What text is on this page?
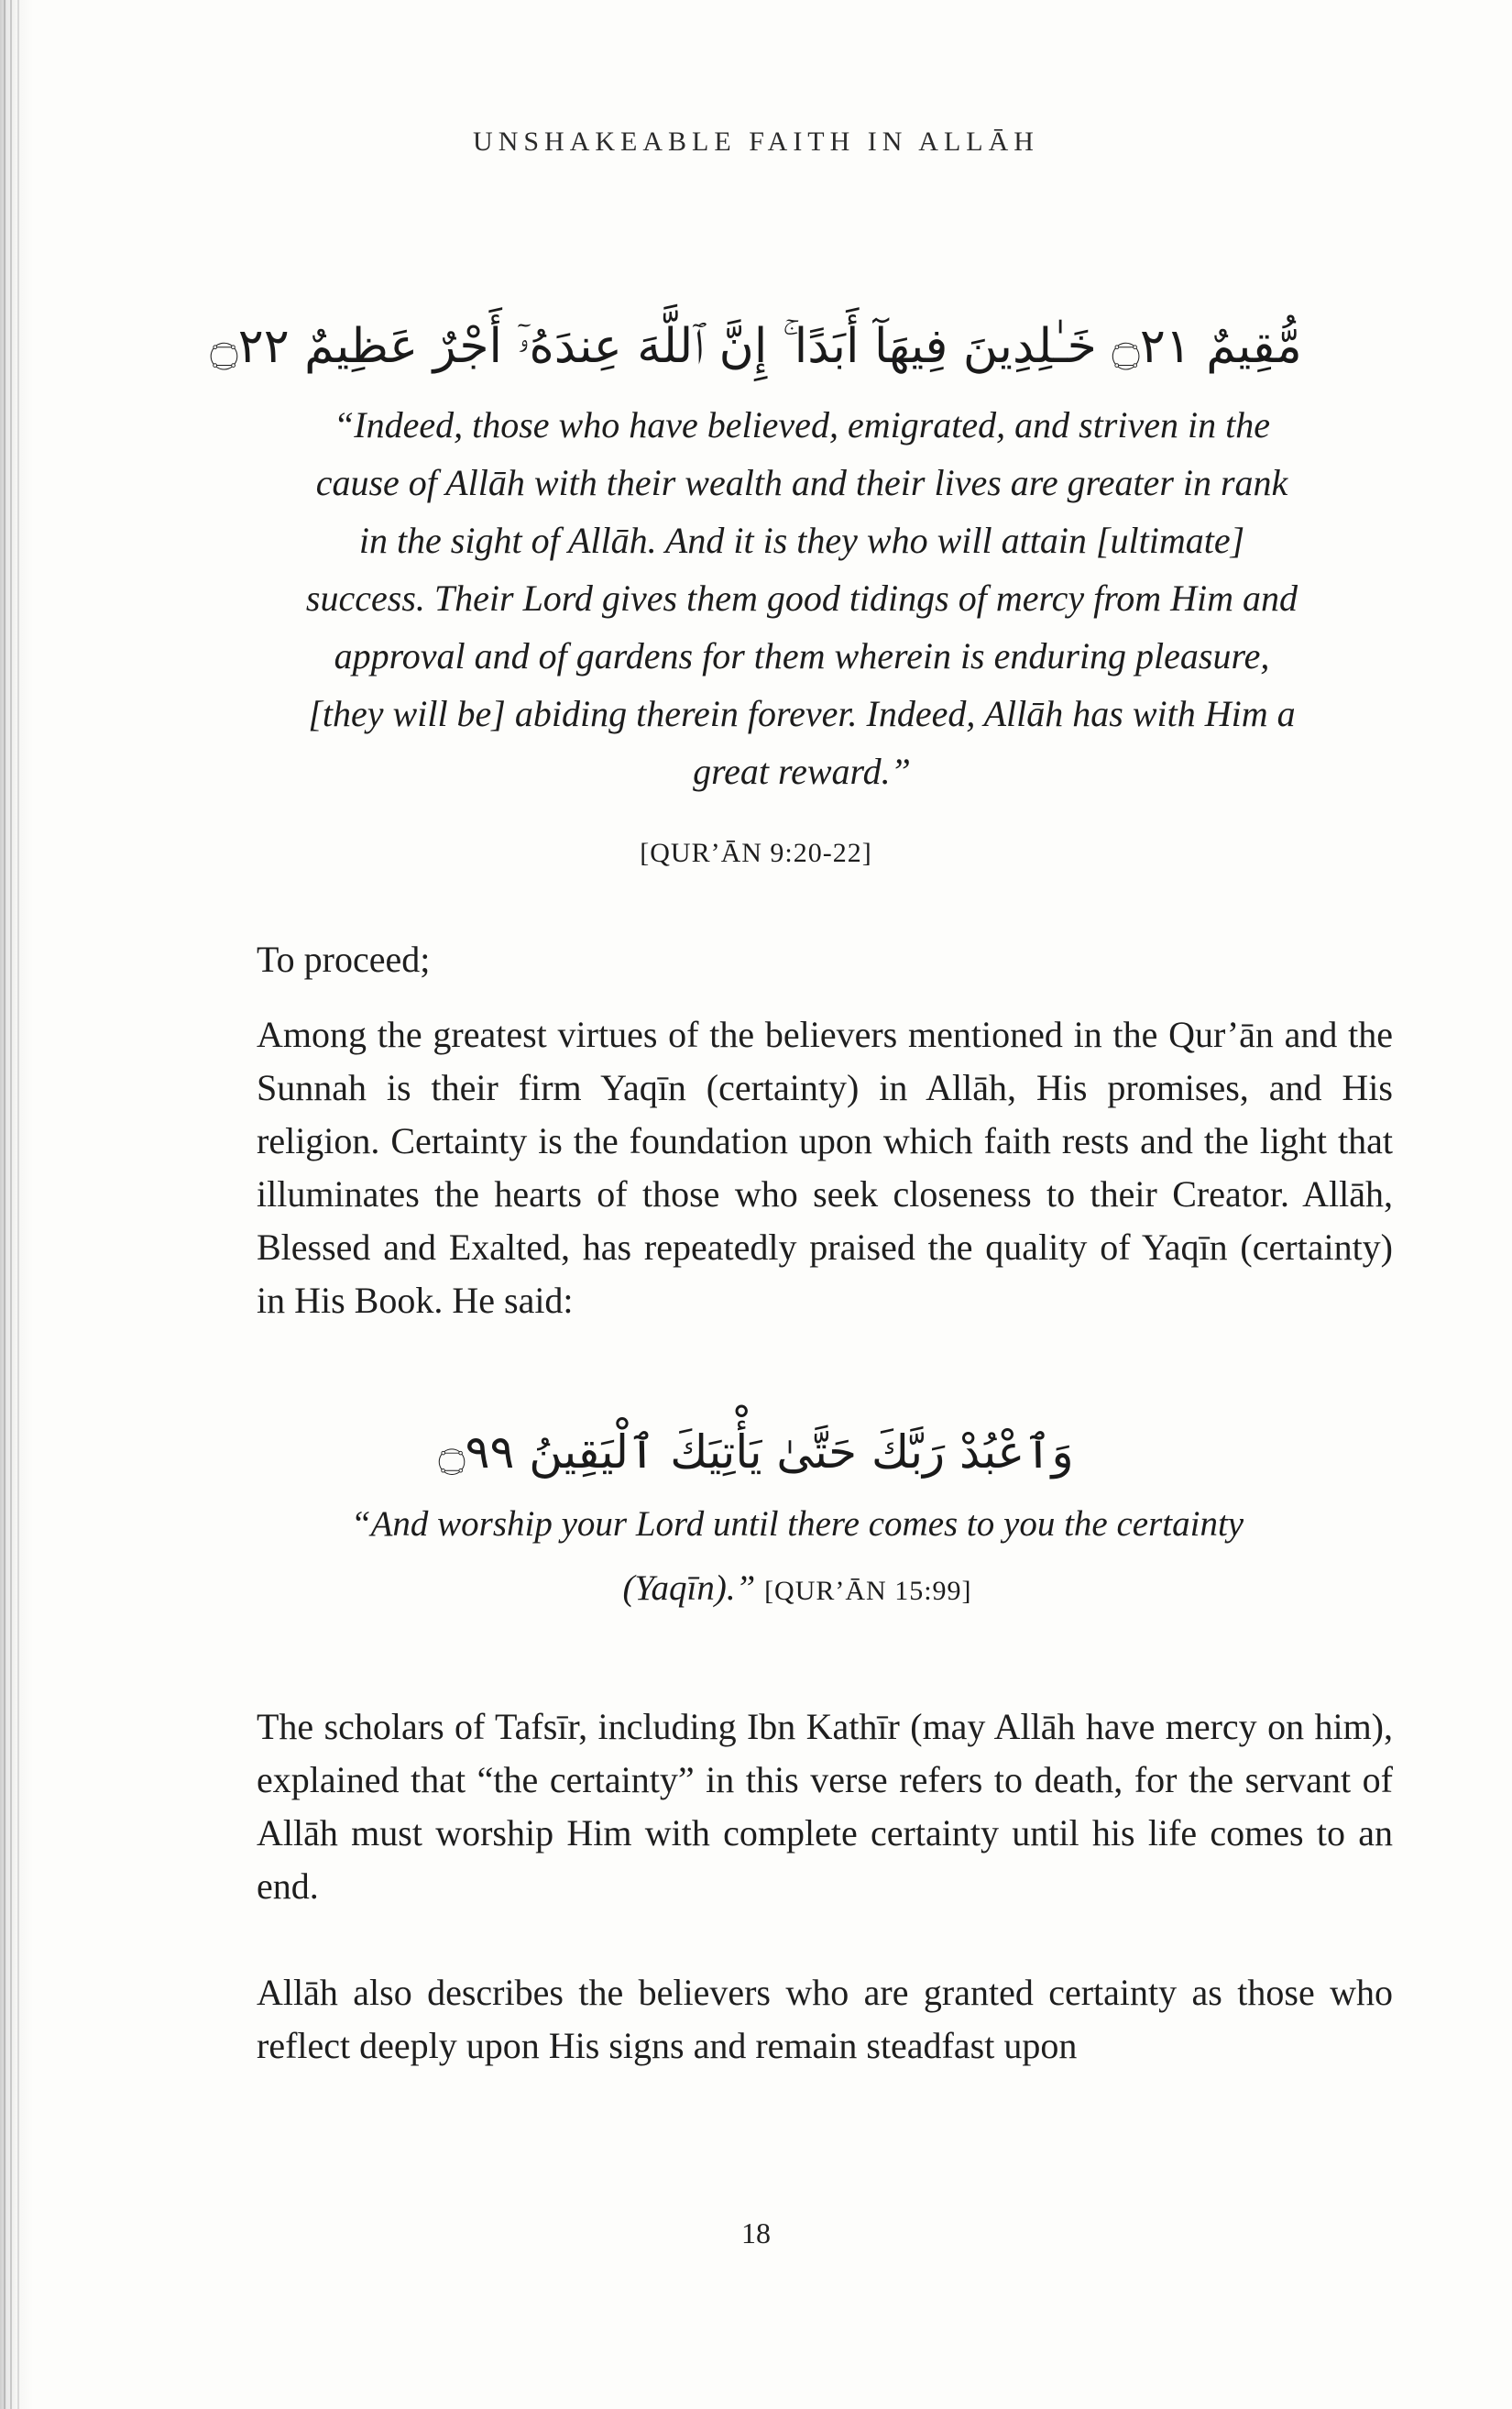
UNSHAKEABLE FAITH IN ALLĀH
مُّقِيمٌ ۝٢١ خَـٰلِدِينَ فِيهَآ أَبَدًا ۚ إِنَّ ٱللَّهَ عِندَهُۥٓ أَجْرٌ عَظِيمٌ ۝٢٢
“Indeed, those who have believed, emigrated, and striven in the cause of Allāh with their wealth and their lives are greater in rank in the sight of Allāh. And it is they who will attain [ultimate] success. Their Lord gives them good tidings of mercy from Him and approval and of gardens for them wherein is enduring pleasure, [they will be] abiding therein forever. Indeed, Allāh has with Him a great reward.”
[QUR’ĀN 9:20-22]
To proceed;
Among the greatest virtues of the believers mentioned in the Qur’ān and the Sunnah is their firm Yaqīn (certainty) in Allāh, His promises, and His religion. Certainty is the foundation upon which faith rests and the light that illuminates the hearts of those who seek closeness to their Creator. Allāh, Blessed and Exalted, has repeatedly praised the quality of Yaqīn (certainty) in His Book. He said:
وَٱعْبُدْ رَبَّكَ حَتَّىٰ يَأْتِيَكَ ٱلْيَقِينُ ۝٩٩
“And worship your Lord until there comes to you the certainty (Yaqīn).” [QUR’ĀN 15:99]
The scholars of Tafsīr, including Ibn Kathīr (may Allāh have mercy on him), explained that “the certainty” in this verse refers to death, for the servant of Allāh must worship Him with complete certainty until his life comes to an end.
Allāh also describes the believers who are granted certainty as those who reflect deeply upon His signs and remain steadfast upon
18
